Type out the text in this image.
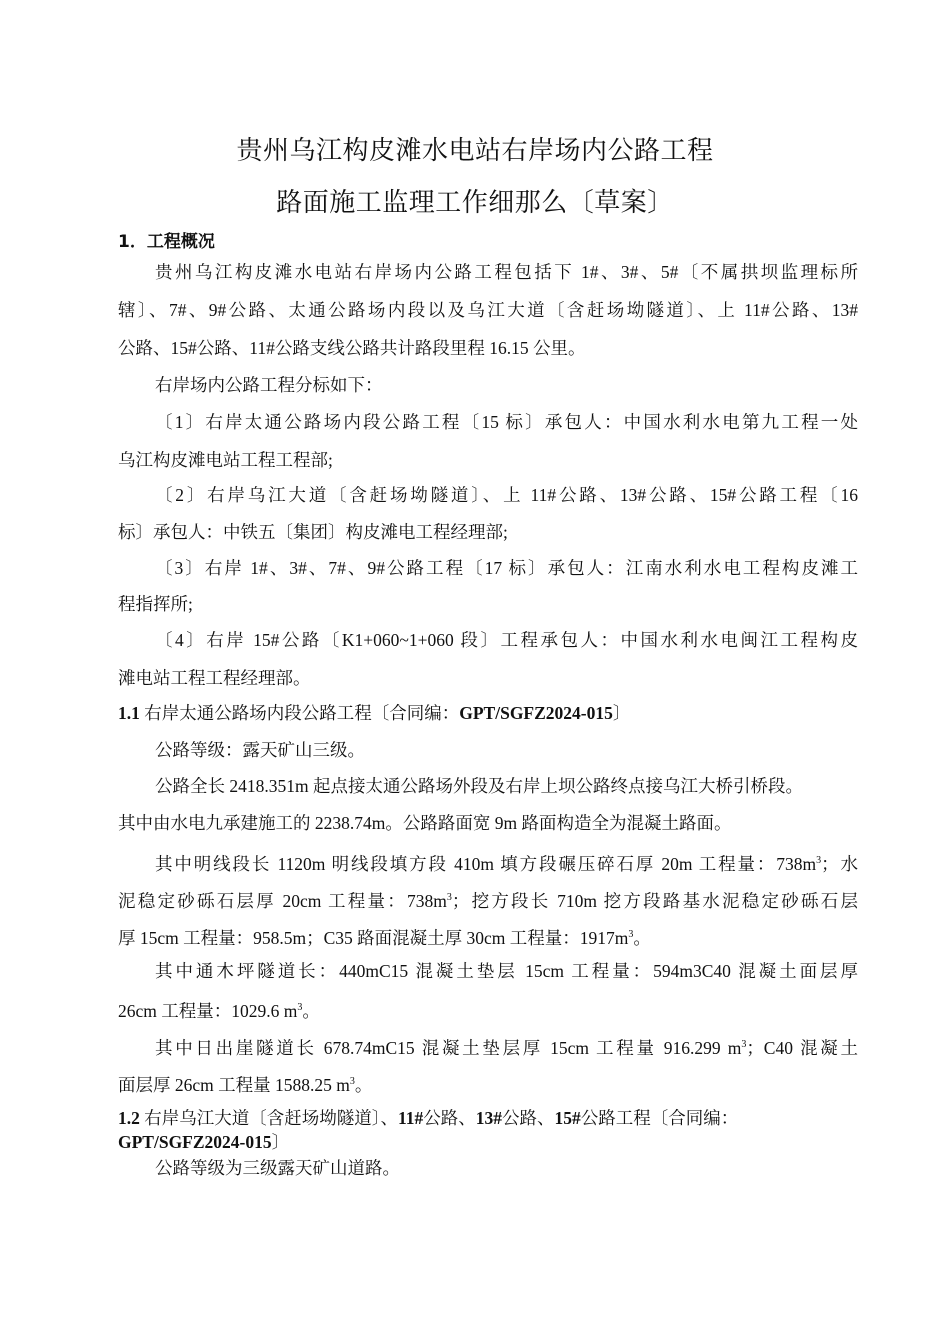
贵州乌江构皮滩水电站右岸场内公路工程
路面施工监理工作细那么〔草案〕
1．工程概况
贵州乌江构皮滩水电站右岸场内公路工程包括下 1#、3#、5#〔不属拱坝监理标所
辖〕、7#、9#公路、太通公路场内段以及乌江大道〔含赶场坳隧道〕、上 11#公路、13#
公路、15#公路、11#公路支线公路共计路段里程 16.15 公里。
右岸场内公路工程分标如下：
〔1〕右岸太通公路场内段公路工程〔15 标〕承包人：中国水利水电第九工程一处
乌江构皮滩电站工程工程部;
〔2〕右岸乌江大道〔含赶场坳隧道〕、上 11#公路、13#公路、15#公路工程〔16
标〕承包人：中铁五〔集团〕构皮滩电工程经理部;
〔3〕右岸 1#、3#、7#、9#公路工程〔17 标〕承包人：江南水利水电工程构皮滩工
程指挥所;
〔4〕右岸 15#公路〔K1+060~1+060 段〕工程承包人：中国水利水电闽江工程构皮
滩电站工程工程经理部。
1.1 右岸太通公路场内段公路工程〔合同编：GPT/SGFZ2024-015〕
公路等级：露天矿山三级。
公路全长 2418.351m 起点接太通公路场外段及右岸上坝公路终点接乌江大桥引桥段。
其中由水电九承建施工的 2238.74m。公路路面宽 9m 路面构造全为混凝土路面。
其中明线段长 1120m 明线段填方段 410m 填方段碾压碎石厚 20m 工程量：$738m^3$；水
泥稳定砂砾石层厚 20cm 工程量：$738m^3$；挖方段长 710m 挖方段路基水泥稳定砂砾石层
厚 15cm 工程量：958.5m；C35 路面混凝土厚 30cm 工程量：$1917m^3$。
其中通木坪隧道长：440mC15 混凝土垫层 15cm 工程量：594m3C40 混凝土面层厚
26cm 工程量：1029.6 $m^3$。
其中日出崖隧道长 678.74mC15 混凝土垫层厚 15cm 工程量 916.299 $m^3$；C40 混凝土
面层厚 26cm 工程量 1588.25 $m^3$。
1.2 右岸乌江大道〔含赶场坳隧道〕、11#公路、13#公路、15#公路工程〔合同编：
GPT/SGFZ2024-015〕
公路等级为三级露天矿山道路。
